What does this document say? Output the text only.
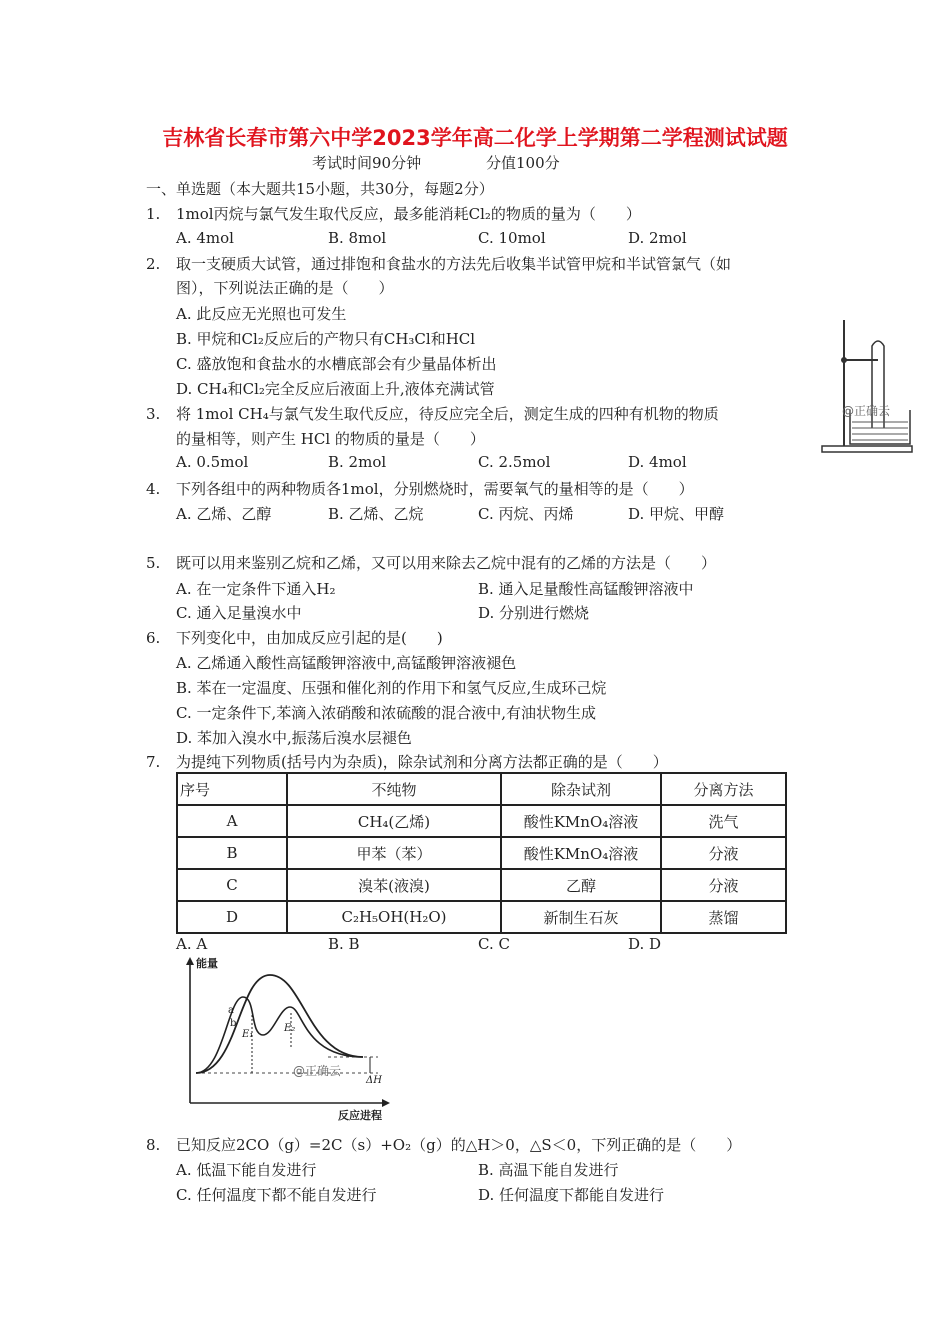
吉林省长春市第六中学2023学年高二化学上学期第二学程测试试题
考试时间90分钟	分值100分
一、单选题（本大题共15小题，共30分，每题2分）
1. 1mol丙烷与氯气发生取代反应，最多能消耗Cl₂的物质的量为（　　）
A. 4mol	B. 8mol	C. 10mol	D. 2mol
2. 取一支硬质大试管，通过排饱和食盐水的方法先后收集半试管甲烷和半试管氯气（如
图），下列说法正确的是（　　）
A. 此反应无光照也可发生
B. 甲烷和Cl₂反应后的产物只有CH₃Cl和HCl
C. 盛放饱和食盐水的水槽底部会有少量晶体析出
D. CH₄和Cl₂完全反应后液面上升,液体充满试管
@正确云
3. 将 1mol CH₄与氯气发生取代反应，待反应完全后，测定生成的四种有机物的物质
的量相等，则产生 HCl 的物质的量是（　　）
A. 0.5mol	B. 2mol	C. 2.5mol	D. 4mol
4. 下列各组中的两种物质各1mol，分别燃烧时，需要氧气的量相等的是（　　）
A. 乙烯、乙醇	B. 乙烯、乙烷	C. 丙烷、丙烯	D. 甲烷、甲醇
5. 既可以用来鉴别乙烷和乙烯，又可以用来除去乙烷中混有的乙烯的方法是（　　）
A. 在一定条件下通入H₂	B. 通入足量酸性高锰酸钾溶液中
C. 通入足量溴水中	D. 分别进行燃烧
6. 下列变化中，由加成反应引起的是(　　)
A. 乙烯通入酸性高锰酸钾溶液中,高锰酸钾溶液褪色
B. 苯在一定温度、压强和催化剂的作用下和氢气反应,生成环己烷
C. 一定条件下,苯滴入浓硝酸和浓硫酸的混合液中,有油状物生成
D. 苯加入溴水中,振荡后溴水层褪色
7. 为提纯下列物质(括号内为杂质)，除杂试剂和分离方法都正确的是（　　）
序号	不纯物	除杂试剂	分离方法
A	CH₄(乙烯)	酸性KMnO₄溶液	洗气
B	甲苯（苯）	酸性KMnO₄溶液	分液
C	溴苯(液溴)	乙醇	分液
D	C₂H₅OH(H₂O)	新制生石灰	蒸馏
A. A	B. B	C. C	D. D
能量
反应进程
a
b
E₁
E₂
ΔH
@正确云
8. 已知反应2CO（g）=2C（s）+O₂（g）的△H＞0，△S＜0，下列正确的是（　　）
A. 低温下能自发进行	B. 高温下能自发进行
C. 任何温度下都不能自发进行	D. 任何温度下都能自发进行
